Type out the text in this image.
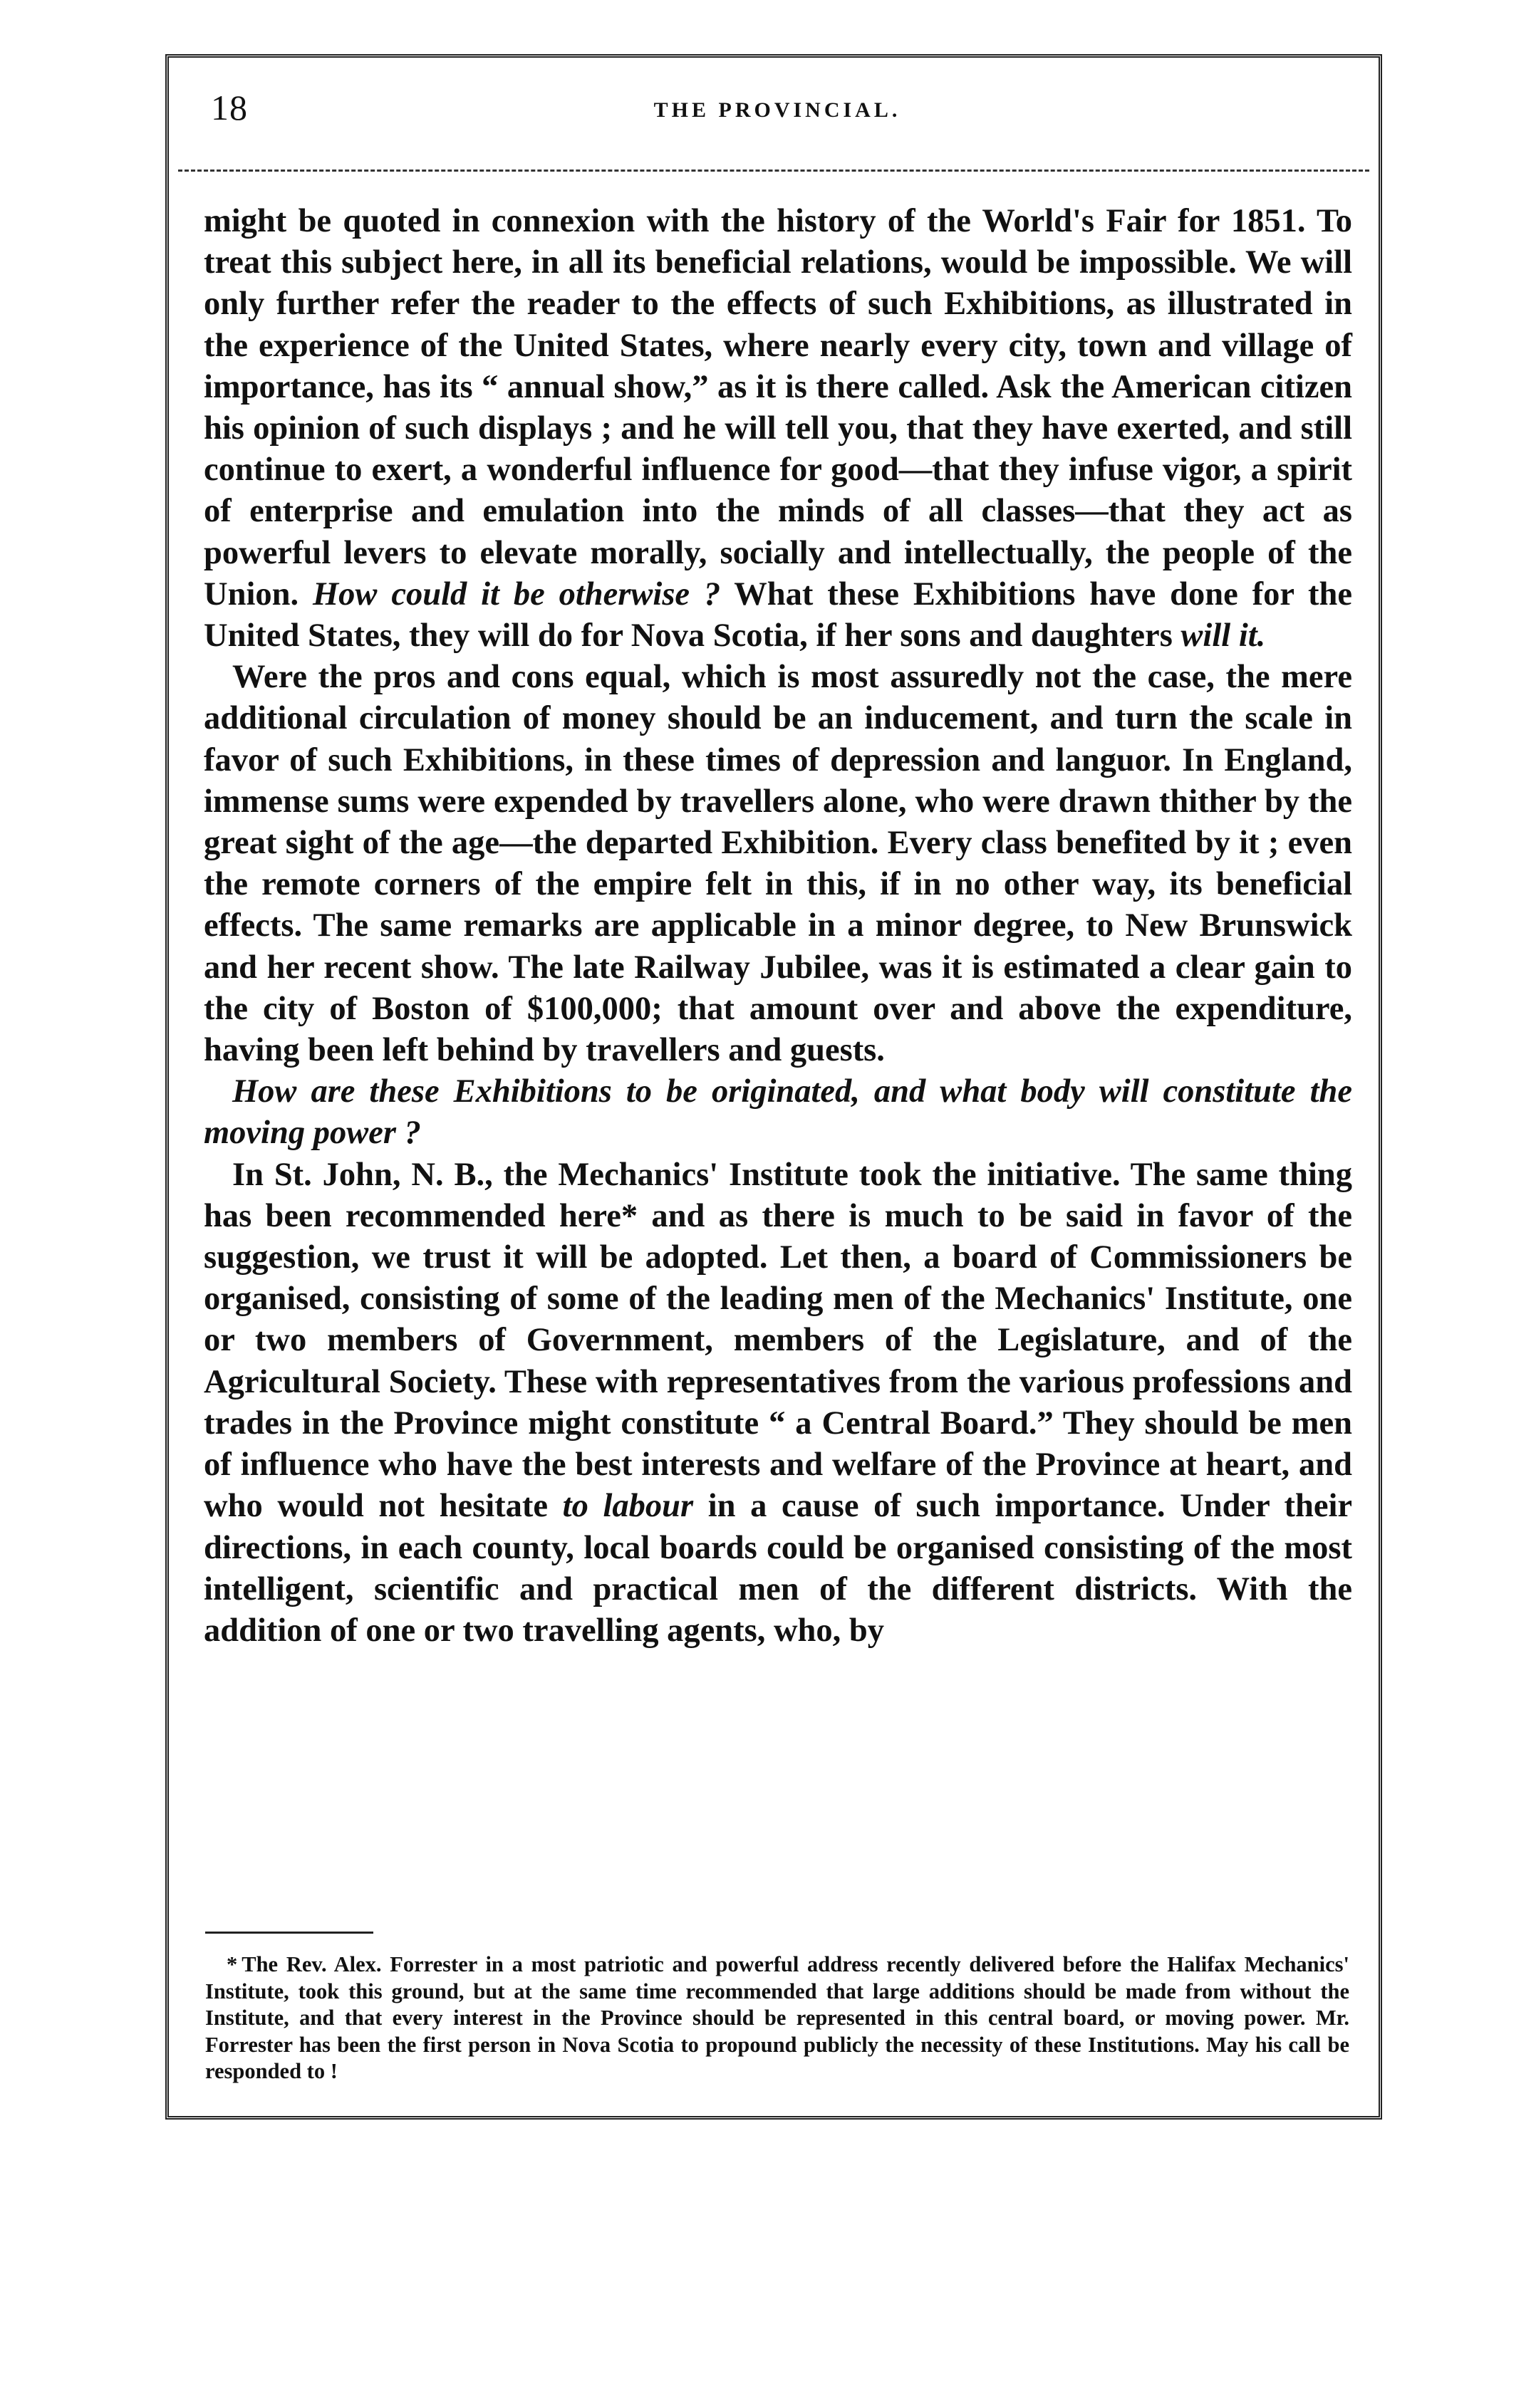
18	THE PROVINCIAL.

might be quoted in connexion with the history of the World's Fair for 1851. To treat this subject here, in all its beneficial relations, would be impossible. We will only further refer the reader to the effects of such Exhibitions, as illustrated in the experience of the United States, where nearly every city, town and village of importance, has its “ annual show,” as it is there called. Ask the American citizen his opinion of such displays ; and he will tell you, that they have exerted, and still continue to exert, a wonderful influence for good—that they infuse vigor, a spirit of enterprise and emulation into the minds of all classes—that they act as powerful levers to elevate morally, socially and intellectually, the people of the Union. How could it be otherwise ? What these Exhibitions have done for the United States, they will do for Nova Scotia, if her sons and daughters will it.

Were the pros and cons equal, which is most assuredly not the case, the mere additional circulation of money should be an inducement, and turn the scale in favor of such Exhibitions, in these times of depression and languor. In England, immense sums were expended by travellers alone, who were drawn thither by the great sight of the age—the departed Exhibition. Every class benefited by it ; even the remote corners of the empire felt in this, if in no other way, its beneficial effects. The same remarks are applicable in a minor degree, to New Brunswick and her recent show. The late Railway Jubilee, was it is estimated a clear gain to the city of Boston of $100,000; that amount over and above the expenditure, having been left behind by travellers and guests.

How are these Exhibitions to be originated, and what body will constitute the moving power ?

In St. John, N. B., the Mechanics' Institute took the initiative. The same thing has been recommended here* and as there is much to be said in favor of the suggestion, we trust it will be adopted. Let then, a board of Commissioners be organised, consisting of some of the leading men of the Mechanics' Institute, one or two members of Government, members of the Legislature, and of the Agricultural Society. These with representatives from the various professions and trades in the Province might constitute “ a Central Board.” They should be men of influence who have the best interests and welfare of the Province at heart, and who would not hesitate to labour in a cause of such importance. Under their directions, in each county, local boards could be organised consisting of the most intelligent, scientific and practical men of the different districts. With the addition of one or two travelling agents, who, by

* The Rev. Alex. Forrester in a most patriotic and powerful address recently delivered before the Halifax Mechanics' Institute, took this ground, but at the same time recommended that large additions should be made from without the Institute, and that every interest in the Province should be represented in this central board, or moving power. Mr. Forrester has been the first person in Nova Scotia to propound publicly the necessity of these Institutions. May his call be responded to !
